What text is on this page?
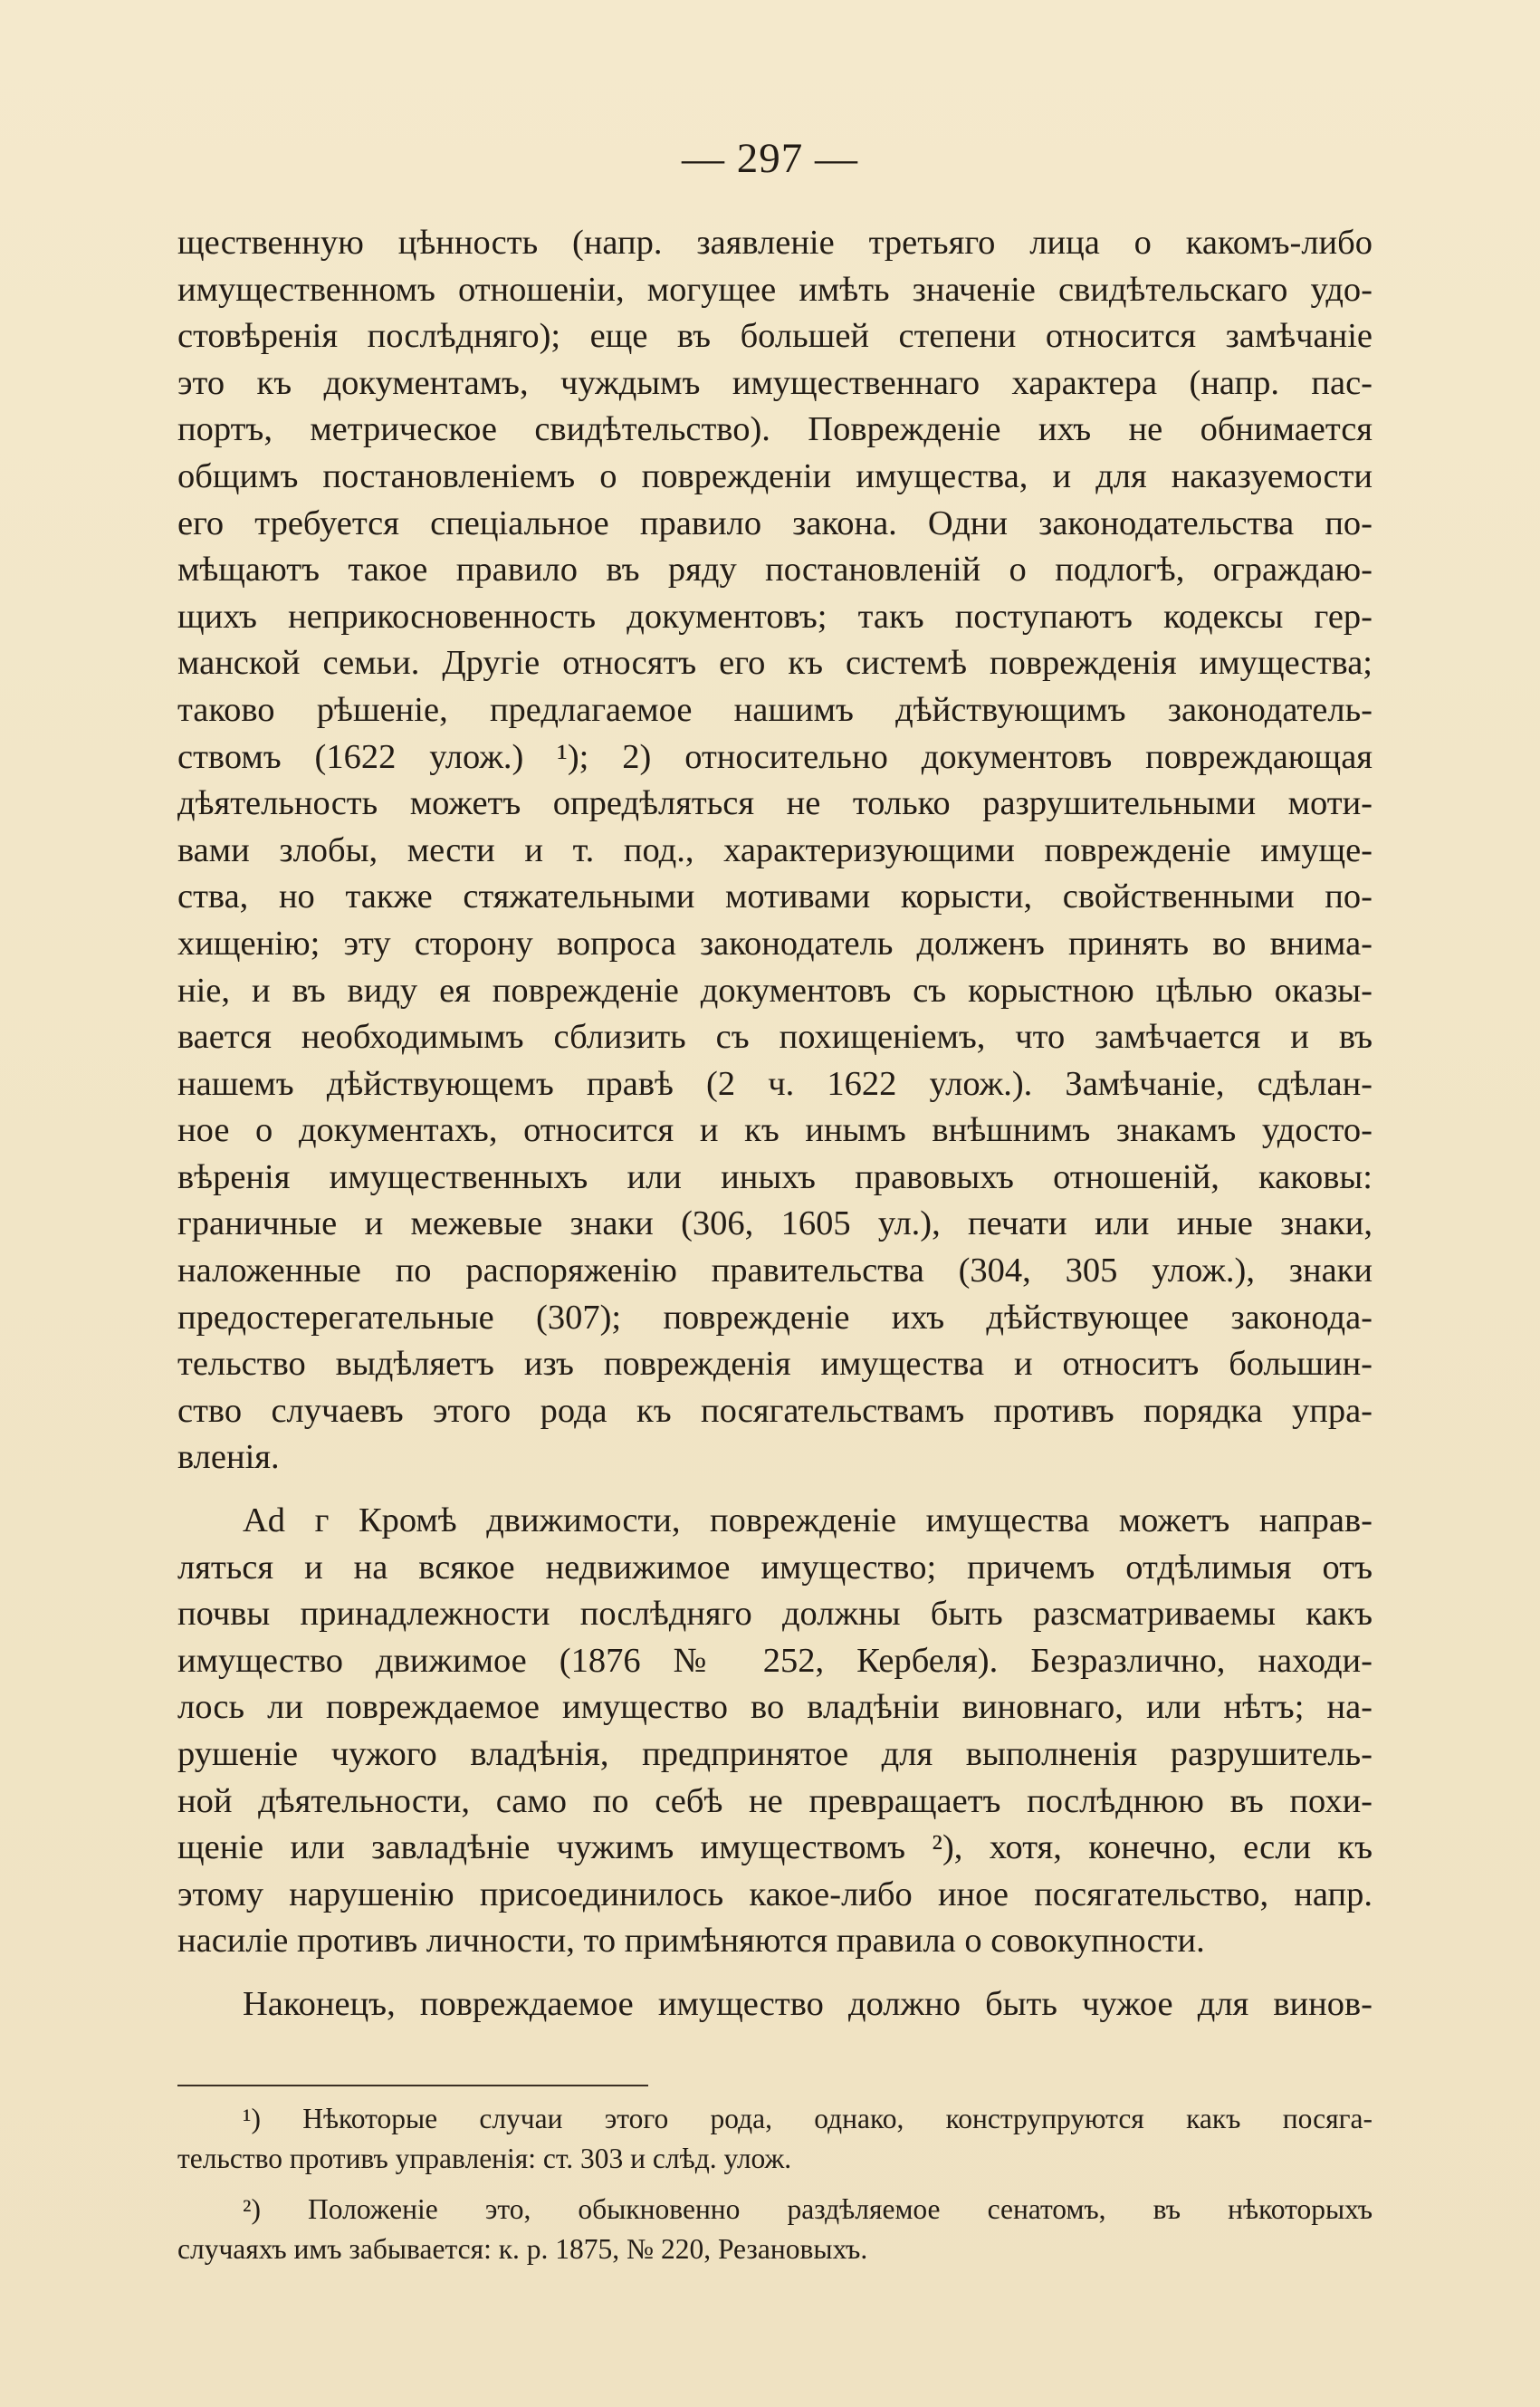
— 297 —
щественную цѣнность (напр. заявленіе третьяго лица о какомъ-либо
имущественномъ отношеніи, могущее имѣть значеніе свидѣтельскаго удо-
стовѣренія послѣдняго); еще въ большей степени относится замѣчаніе
это къ документамъ, чуждымъ имущественнаго характера (напр. пас-
портъ, метрическое свидѣтельство). Поврежденіе ихъ не обнимается
общимъ постановленіемъ о поврежденіи имущества, и для наказуемости
его требуется спеціальное правило закона. Одни законодательства по-
мѣщаютъ такое правило въ ряду постановленій о подлогѣ, ограждаю-
щихъ неприкосновенность документовъ; такъ поступаютъ кодексы гер-
манской семьи. Другіе относятъ его къ системѣ поврежденія имущества;
таково рѣшеніе, предлагаемое нашимъ дѣйствующимъ законодатель-
ствомъ (1622 улож.) ¹); 2) относительно документовъ повреждающая
дѣятельность можетъ опредѣляться не только разрушительными моти-
вами злобы, мести и т. под., характеризующими поврежденіе имуще-
ства, но также стяжательными мотивами корысти, свойственными по-
хищенію; эту сторону вопроса законодатель долженъ принять во внима-
ніе, и въ виду ея поврежденіе документовъ съ корыстною цѣлью оказы-
вается необходимымъ сблизить съ похищеніемъ, что замѣчается и въ
нашемъ дѣйствующемъ правѣ (2 ч. 1622 улож.). Замѣчаніе, сдѣлан-
ное о документахъ, относится и къ инымъ внѣшнимъ знакамъ удосто-
вѣренія имущественныхъ или иныхъ правовыхъ отношеній, каковы:
граничные и межевые знаки (306, 1605 ул.), печати или иные знаки,
наложенные по распоряженію правительства (304, 305 улож.), знаки
предостерегательные (307); поврежденіе ихъ дѣйствующее законода-
тельство выдѣляетъ изъ поврежденія имущества и относитъ большин-
ство случаевъ этого рода къ посягательствамъ противъ порядка упра-
вленія.
Ad г Кромѣ движимости, поврежденіе имущества можетъ направ-
ляться и на всякое недвижимое имущество; причемъ отдѣлимыя отъ
почвы принадлежности послѣдняго должны быть разсматриваемы какъ
имущество движимое (1876 № 252, Кербеля). Безразлично, находи-
лось ли повреждаемое имущество во владѣніи виновнаго, или нѣтъ; на-
рушеніе чужого владѣнія, предпринятое для выполненія разрушитель-
ной дѣятельности, само по себѣ не превращаетъ послѣднюю въ похи-
щеніе или завладѣніе чужимъ имуществомъ ²), хотя, конечно, если къ
этому нарушенію присоединилось какое-либо иное посягательство, напр.
насиліе противъ личности, то примѣняются правила о совокупности.
Наконецъ, повреждаемое имущество должно быть чужое для винов-
¹) Нѣкоторые случаи этого рода, однако, конструпруются какъ посяга-
тельство противъ управленія: ст. 303 и слѣд. улож.
²) Положеніе это, обыкновенно раздѣляемое сенатомъ, въ нѣкоторыхъ
случаяхъ имъ забывается: к. р. 1875, № 220, Резановыхъ.
